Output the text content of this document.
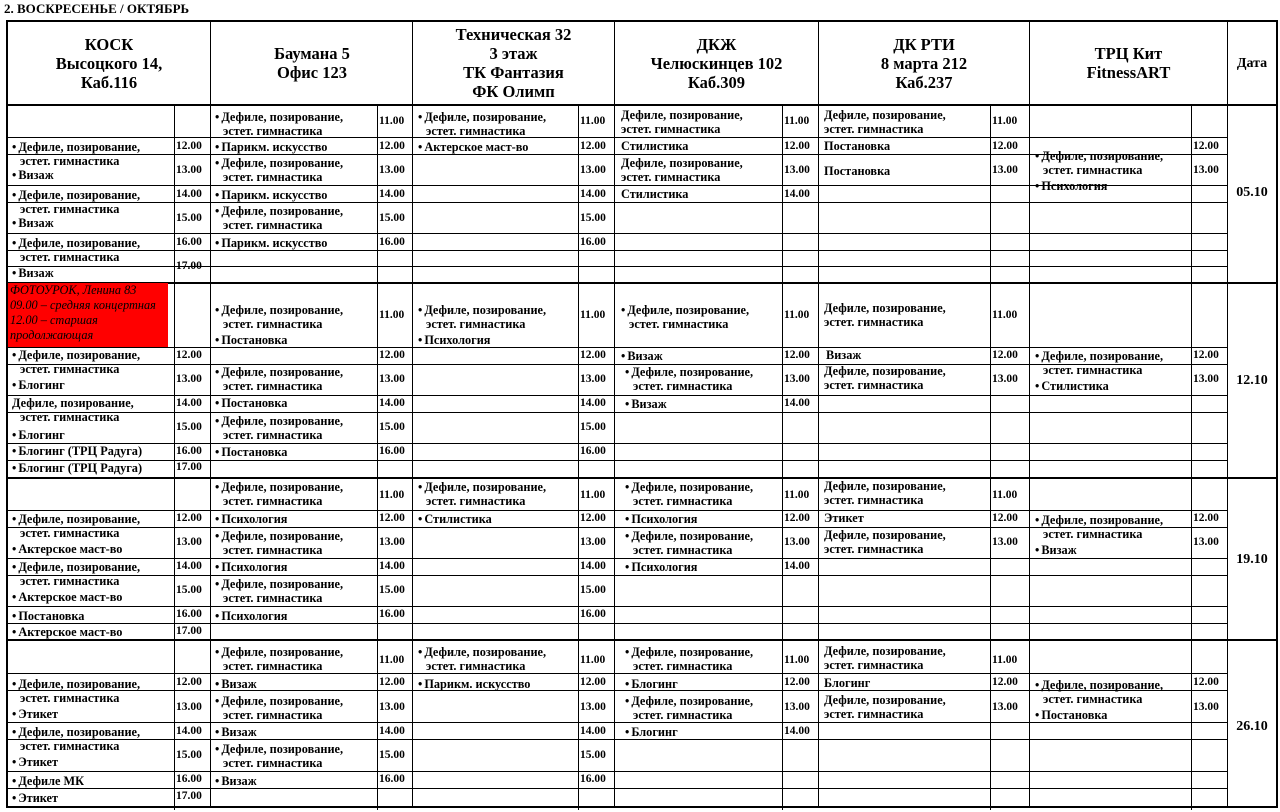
2. ВОСКРЕСЕНЬЕ / ОКТЯБРЬ
12.00
13.00
14.00
15.00
16.00
17.00
11.00
12.00
13.00
14.00
15.00
16.00
11.00
12.00
13.00
14.00
15.00
16.00
11.00
12.00
13.00
14.00
11.00
12.00
13.00
12.00
13.00
12.00
13.00
14.00
15.00
16.00
17.00
11.00
12.00
13.00
14.00
15.00
16.00
11.00
12.00
13.00
14.00
15.00
16.00
11.00
12.00
13.00
14.00
11.00
12.00
13.00
12.00
13.00
12.00
13.00
14.00
15.00
16.00
17.00
11.00
12.00
13.00
14.00
15.00
16.00
11.00
12.00
13.00
14.00
15.00
16.00
11.00
12.00
13.00
14.00
11.00
12.00
13.00
12.00
13.00
12.00
13.00
14.00
15.00
16.00
17.00
11.00
12.00
13.00
14.00
15.00
16.00
11.00
12.00
13.00
14.00
15.00
16.00
11.00
12.00
13.00
14.00
11.00
12.00
13.00
12.00
13.00
КОСК
Высоцкого 14,
Каб.116
Баумана 5
Офис 123
Техническая 32
3 этаж
ТК Фантазия
ФК Олимп
ДКЖ
Челюскинцев 102
Каб.309
ДК РТИ
8 марта 212
Каб.237
ТРЦ Кит
FitnessART	Дата
• Дефиле, позирование,
эстет. гимнастика
• Визаж
• Дефиле, позирование,
эстет. гимнастика
• Визаж
• Дефиле, позирование,
эстет. гимнастика
• Визаж
• Дефиле, позирование,
эстет. гимнастика
• Парикм. искусство
• Дефиле, позирование,
эстет. гимнастика
• Парикм. искусство
• Дефиле, позирование,
эстет. гимнастика
• Парикм. искусство
• Дефиле, позирование,
эстет. гимнастика
• Актерское маст-во
Дефиле, позирование,
эстет. гимнастика
Стилистика
Дефиле, позирование,
эстет. гимнастика
Стилистика
Дефиле, позирование,
эстет. гимнастика
Постановка
Постановка
• Дефиле, позирование,
эстет. гимнастика
• Психология
ФОТОУРОК, Ленина 83
09.00 – средняя концертная
12.00 – старшая
продолжающая
• Дефиле, позирование,
эстет. гимнастика
• Блогинг
Дефиле, позирование,
эстет. гимнастика
• Блогинг
• Блогинг (ТРЦ Радуга)
• Блогинг (ТРЦ Радуга)
• Дефиле, позирование,
эстет. гимнастика
• Постановка
• Дефиле, позирование,
эстет. гимнастика
• Постановка
• Дефиле, позирование,
эстет. гимнастика
• Постановка
• Дефиле, позирование,
эстет. гимнастика
• Психология
• Дефиле, позирование,
эстет. гимнастика
• Визаж
• Дефиле, позирование,
эстет. гимнастика
• Визаж
Дефиле, позирование,
эстет. гимнастика
Визаж
Дефиле, позирование,
эстет. гимнастика
• Дефиле, позирование,
эстет. гимнастика
• Стилистика
• Дефиле, позирование,
эстет. гимнастика
• Актерское маст-во
• Дефиле, позирование,
эстет. гимнастика
• Актерское маст-во
• Постановка
• Актерское маст-во
• Дефиле, позирование,
эстет. гимнастика
• Психология
• Дефиле, позирование,
эстет. гимнастика
• Психология
• Дефиле, позирование,
эстет. гимнастика
• Психология
• Дефиле, позирование,
эстет. гимнастика
• Стилистика
• Дефиле, позирование,
эстет. гимнастика
• Психология
• Дефиле, позирование,
эстет. гимнастика
• Психология
Дефиле, позирование,
эстет. гимнастика
Этикет
Дефиле, позирование,
эстет. гимнастика
• Дефиле, позирование,
эстет. гимнастика
• Визаж
• Дефиле, позирование,
эстет. гимнастика
• Этикет
• Дефиле, позирование,
эстет. гимнастика
• Этикет
• Дефиле МК
• Этикет
• Дефиле, позирование,
эстет. гимнастика
• Визаж
• Дефиле, позирование,
эстет. гимнастика
• Визаж
• Дефиле, позирование,
эстет. гимнастика
• Визаж
• Дефиле, позирование,
эстет. гимнастика
• Парикм. искусство
• Дефиле, позирование,
эстет. гимнастика
• Блогинг
• Дефиле, позирование,
эстет. гимнастика
• Блогинг
Дефиле, позирование,
эстет. гимнастика
Блогинг
Дефиле, позирование,
эстет. гимнастика
• Дефиле, позирование,
эстет. гимнастика
• Постановка
05.10
12.10
19.10
26.10
